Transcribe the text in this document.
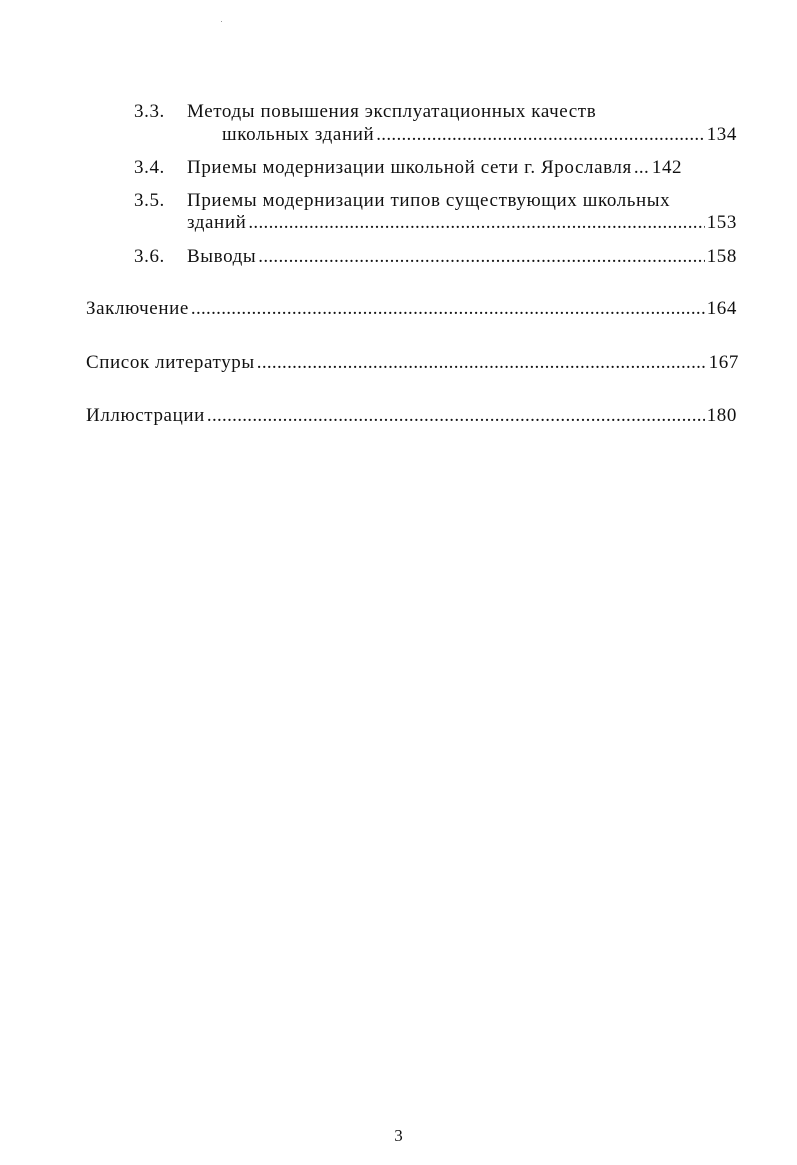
3.3. Методы повышения эксплуатационных качеств
школьных зданий .....	134
3.4. Приемы модернизации школьной сети г. Ярославля ..... 142
3.5. Приемы модернизации типов существующих школьных
зданий .....	153
3.6. Выводы .....	158
Заключение .....	164
Список литературы .....	167
Иллюстрации .....	180
3
